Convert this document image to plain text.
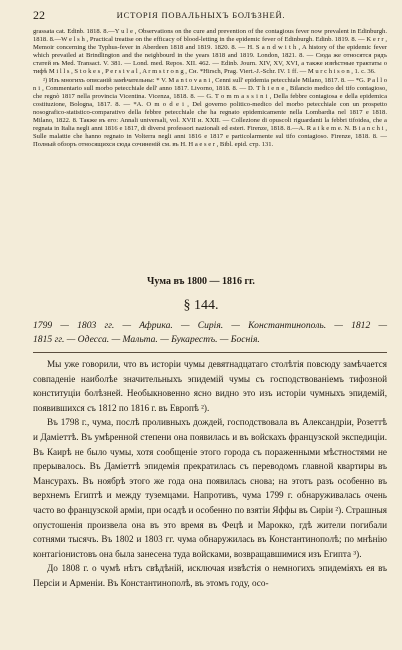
22	ИСТОРІЯ ПОВАЛЬНЫХЪ БОЛѢЗНЕЙ.

grassata cat. Edinb. 1818. 8.—Y u l e , Observations on the cure and prevention of the contagious fever now prevalent in Edinburgh. 1818. 8.—W e l s h , Practical treatise on the efficacy of blood-letting in the epidemic fever of Edinburgh. Edinb. 1819. 8. — K e r r , Memoir concerning the Typhus-fever in Aberdeen 1818 and 1819. 1820. 8. — H. S a n d w i t h , A history of the epidemic fever which prevailed at Brindlington and the neighbourd in the years 1818 and 1819. London, 1821. 8. — Сюда же относятся рядъ статей въ Med. Transact. V. 381. — Lond. med. Repos. XII. 462. — Edinb. Journ. XIV, XV, XVI, а также извѣстные трактаты о тифѣ M i l l s , S t o k e s , P e r s i v a l , A r m s t r o n g , Сн. *Hirsch, Prag. Viert.-J.-Schr. IV. 1 ff. — M u r c h i s o n , 1. c. 36.

²) Изъ многихъ описаній замѣчательны: * V. M a n t o v a n i , Cenni sull' epidemia petecchiale Milano, 1817. 8. — *G. P a l l o n i , Commentario sull morbo petecchiale dell' anno 1817. Livorno, 1818. 8. — D. T h i e n e , Bilancio medico del tifo contagioso, che regnò 1817 nella provincia Vicentina. Vicenza, 1818. 8. — G. T o m m a s s i n i , Della febbre contagiosa e della epidemica costituzione, Bologna, 1817. 8. — *A. O m o d e i , Del governo politico-medico del morbo petecchiale con un prospetto nosografico-statistico-comparativo della febbre petecchiale che ha regnato epidemicamente nella Lombardia nel 1817 e 1818. Milano, 1822. 8. Также въ его: Annali universali, vol. XVII и. XXII. — Collezione di opuscoli riguardanti la febbri tifoidea, che a regnata in Italia negli anni 1816 e 1817, di diversi professori nazionali ed esteri. Firenze, 1818. 8.—A. R a i k e m e. N. B i a n c h i , Sulle malattie che hanno regnato in Volterra negli anni 1816 e 1817 e particolarmente sul tifo contagioso. Firenze, 1818. 8. — Полный обзоръ относящихся сюда сочиненій см. въ H. H a e s e r , Bibl. epid. стр. 131.

Чума въ 1800 — 1816 гг.
§ 144.
1799 — 1803 гг. — Африка. — Сирія. — Константинополь. — 1812 —
1815 гг. — Одесса. — Мальта. — Букарестъ. — Боснія.

Мы уже говорили, что въ исторіи чумы девятнадцатаго столѣтія повсюду замѣчается совпаденіе наиболѣе значительныхъ эпидемій чумы съ господствованіемъ тифозной конституціи болѣзней. Необыкновенно ясно видно это изъ исторіи чумныхъ эпидемій, появившихся съ 1812 по 1816 г. въ Европѣ ²).

Въ 1798 г., чума, послѣ проливныхъ дождей, господствовала въ Александріи, Розеттѣ и Даміеттѣ. Въ умѣренной степени она появилась и въ войскахъ французской экспедиціи. Въ Каирѣ не было чумы, хотя сообщеніе этого города съ пораженными мѣстностями не прерывалось. Въ Даміеттѣ эпидемія прекратилась съ переводомъ главной квартиры въ Мансурахъ. Въ ноябрѣ этого же года она появилась снова; на этотъ разъ особенно въ верхнемъ Египтѣ и между туземцами. Напротивъ, чума 1799 г. обнаруживалась очень часто во французской арміи, при осадѣ и особенно по взятіи Яффы въ Сиріи ²). Страшныя опустошенія произвела она въ это время въ Фецѣ и Марокко, гдѣ жители погибали сотнями тысячъ. Въ 1802 и 1803 гг. чума обнаружилась въ Константинополѣ; по мнѣнію контагіонистовъ она была занесена туда войсками, возвращавшимися изъ Египта ³).

До 1808 г. о чумѣ нѣтъ свѣдѣній, исключая извѣстія о немногихъ эпидеміяхъ ея въ Персіи и Арменіи. Въ Константинополѣ, въ этомъ году, осо-
